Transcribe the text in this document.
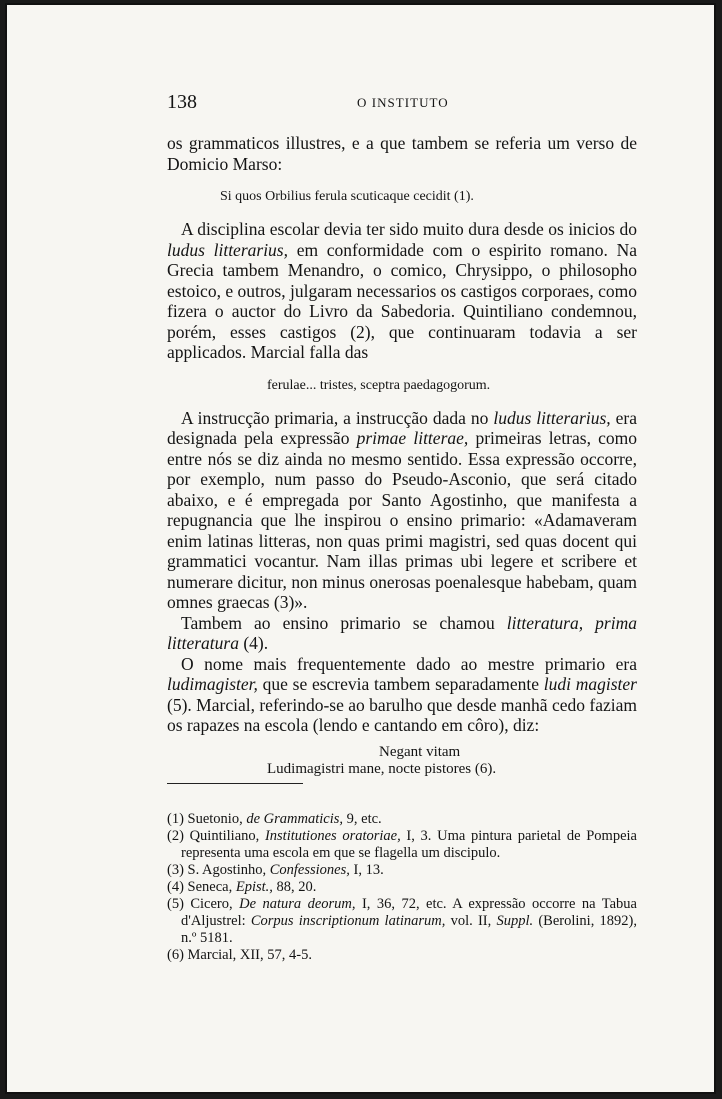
138	O INSTITUTO

os grammaticos illustres, e a que tambem se referia um verso de Domicio Marso:

Si quos Orbilius ferula scuticaque cecidit (1).

A disciplina escolar devia ter sido muito dura desde os inicios do ludus litterarius, em conformidade com o espirito romano. Na Grecia tambem Menandro, o comico, Chrysippo, o philosopho estoico, e outros, julgaram necessarios os castigos corporaes, como fizera o auctor do Livro da Sabedoria. Quintiliano condemnou, porém, esses castigos (2), que continuaram todavia a ser applicados. Marcial falla das

ferulae... tristes, sceptra paedagogorum.

A instrucção primaria, a instrucção dada no ludus litterarius, era designada pela expressão primae litterae, primeiras letras, como entre nós se diz ainda no mesmo sentido. Essa expressão occorre, por exemplo, num passo do Pseudo-Asconio, que será citado abaixo, e é empregada por Santo Agostinho, que manifesta a repugnancia que lhe inspirou o ensino primario: «Adamaveram enim latinas litteras, non quas primi magistri, sed quas docent qui grammatici vocantur. Nam illas primas ubi legere et scribere et numerare dicitur, non minus onerosas poenalesque habebam, quam omnes graecas (3)».

Tambem ao ensino primario se chamou litteratura, prima litteratura (4).

O nome mais frequentemente dado ao mestre primario era ludimagister, que se escrevia tambem separadamente ludi magister (5). Marcial, referindo-se ao barulho que desde manhã cedo faziam os rapazes na escola (lendo e cantando em côro), diz:

Negant vitam

Ludimagistri mane, nocte pistores (6).

(1) Suetonio, de Grammaticis, 9, etc.

(2) Quintiliano, Institutiones oratoriae, I, 3. Uma pintura parietal de Pompeia representa uma escola em que se flagella um discipulo.

(3) S. Agostinho, Confessiones, I, 13.

(4) Seneca, Epist., 88, 20.

(5) Cicero, De natura deorum, I, 36, 72, etc. A expressão occorre na Tabua d'Aljustrel: Corpus inscriptionum latinarum, vol. II, Suppl. (Berolini, 1892), n.º 5181.

(6) Marcial, XII, 57, 4-5.
